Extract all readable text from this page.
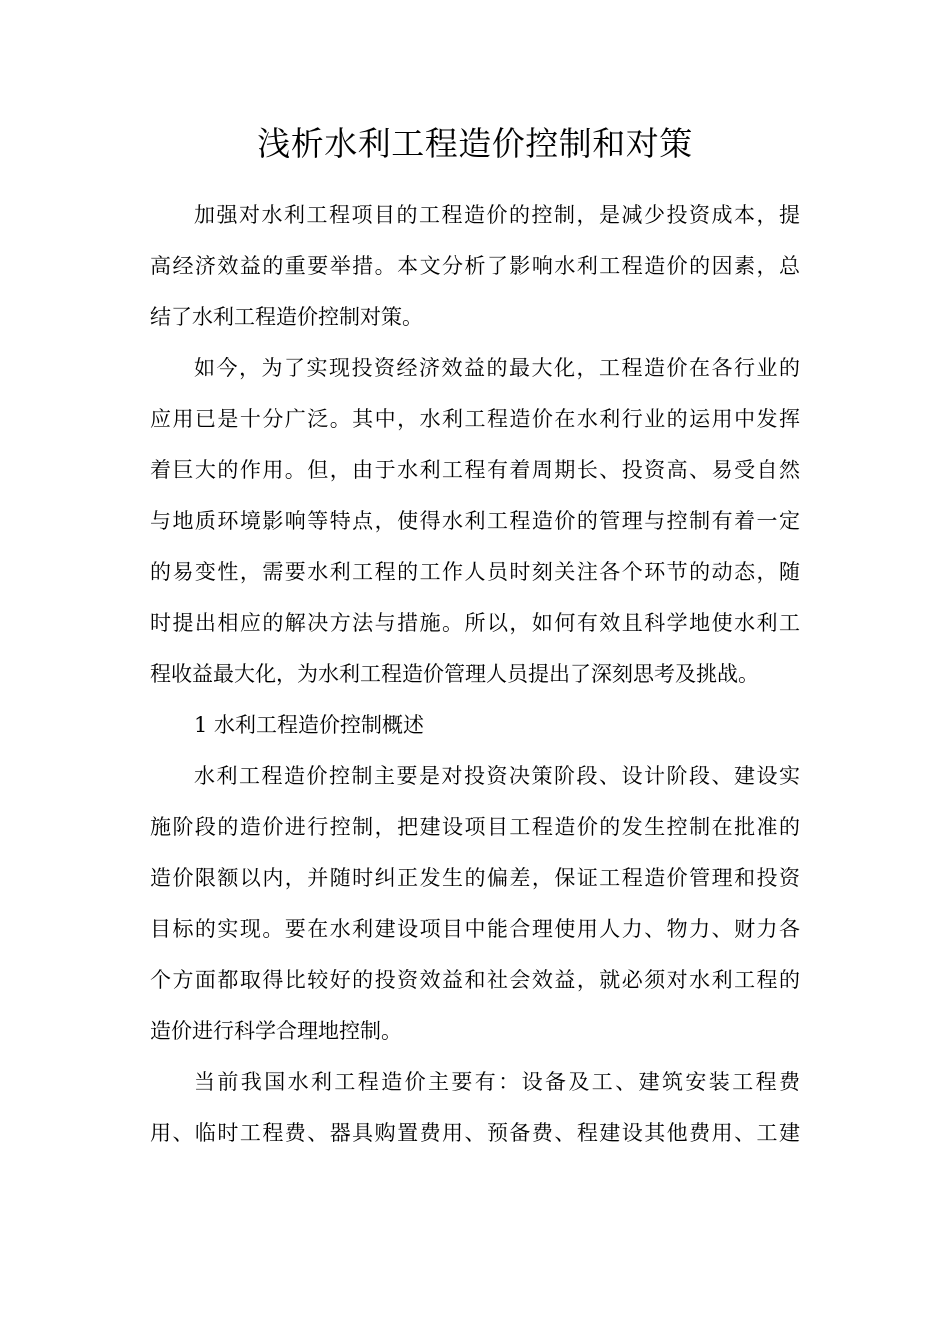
浅析水利工程造价控制和对策
加强对水利工程项目的工程造价的控制，是减少投资成本，提
高经济效益的重要举措。本文分析了影响水利工程造价的因素，总
结了水利工程造价控制对策。
如今，为了实现投资经济效益的最大化，工程造价在各行业的
应用已是十分广泛。其中，水利工程造价在水利行业的运用中发挥
着巨大的作用。但，由于水利工程有着周期长、投资高、易受自然
与地质环境影响等特点，使得水利工程造价的管理与控制有着一定
的易变性，需要水利工程的工作人员时刻关注各个环节的动态，随
时提出相应的解决方法与措施。所以，如何有效且科学地使水利工
程收益最大化，为水利工程造价管理人员提出了深刻思考及挑战。
1 水利工程造价控制概述
水利工程造价控制主要是对投资决策阶段、设计阶段、建设实
施阶段的造价进行控制，把建设项目工程造价的发生控制在批准的
造价限额以内，并随时纠正发生的偏差，保证工程造价管理和投资
目标的实现。要在水利建设项目中能合理使用人力、物力、财力各
个方面都取得比较好的投资效益和社会效益，就必须对水利工程的
造价进行科学合理地控制。
当前我国水利工程造价主要有：设备及工、建筑安装工程费
用、临时工程费、器具购置费用、预备费、程建设其他费用、工建
